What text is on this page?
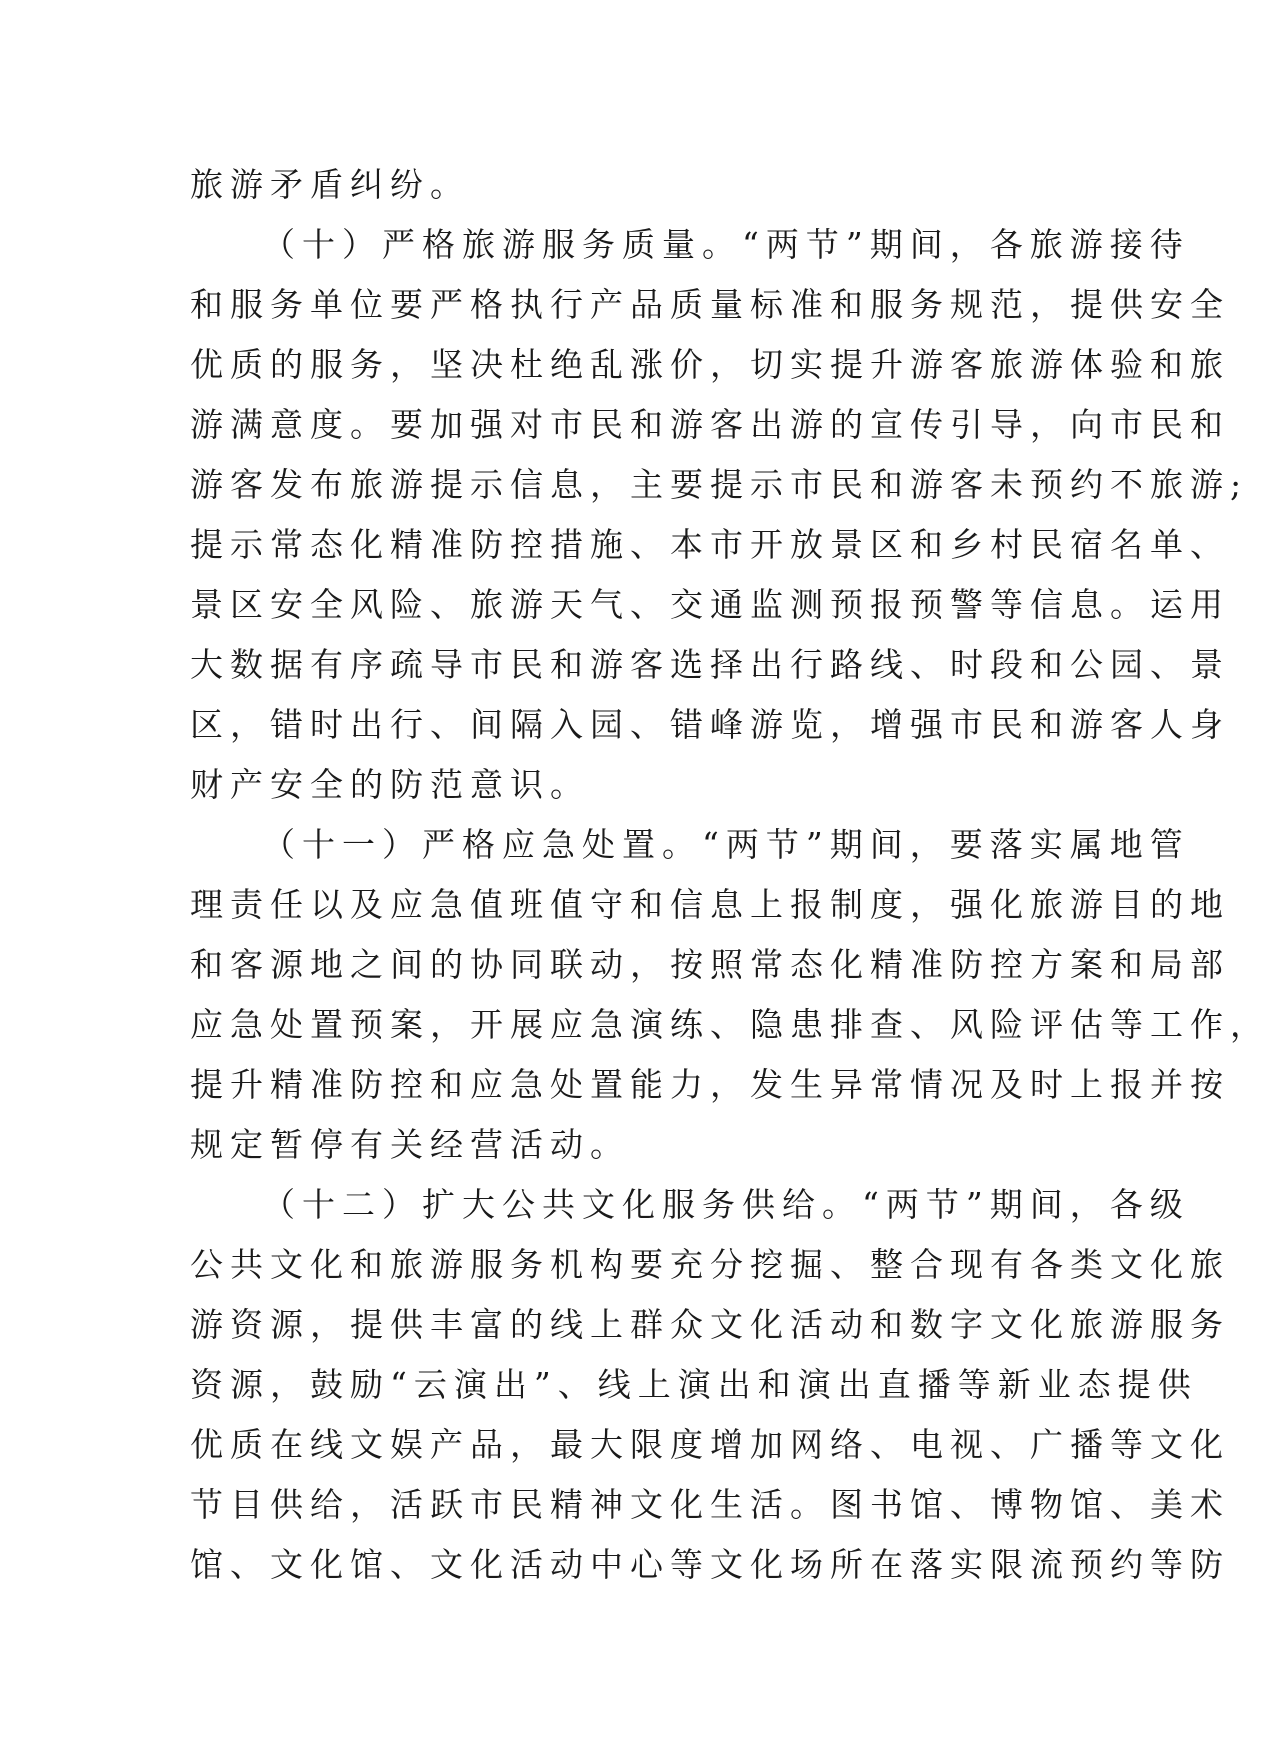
旅游矛盾纠纷。
（十）严格旅游服务质量。“两节”期间，各旅游接待
和服务单位要严格执行产品质量标准和服务规范，提供安全
优质的服务，坚决杜绝乱涨价，切实提升游客旅游体验和旅
游满意度。要加强对市民和游客出游的宣传引导，向市民和
游客发布旅游提示信息，主要提示市民和游客未预约不旅游;
提示常态化精准防控措施、本市开放景区和乡村民宿名单、
景区安全风险、旅游天气、交通监测预报预警等信息。运用
大数据有序疏导市民和游客选择出行路线、时段和公园、景
区，错时出行、间隔入园、错峰游览，增强市民和游客人身
财产安全的防范意识。
（十一）严格应急处置。“两节”期间，要落实属地管
理责任以及应急值班值守和信息上报制度，强化旅游目的地
和客源地之间的协同联动，按照常态化精准防控方案和局部
应急处置预案，开展应急演练、隐患排查、风险评估等工作，
提升精准防控和应急处置能力，发生异常情况及时上报并按
规定暂停有关经营活动。
（十二）扩大公共文化服务供给。“两节”期间，各级
公共文化和旅游服务机构要充分挖掘、整合现有各类文化旅
游资源，提供丰富的线上群众文化活动和数字文化旅游服务
资源，鼓励“云演出”、线上演出和演出直播等新业态提供
优质在线文娱产品，最大限度增加网络、电视、广播等文化
节目供给，活跃市民精神文化生活。图书馆、博物馆、美术
馆、文化馆、文化活动中心等文化场所在落实限流预约等防
